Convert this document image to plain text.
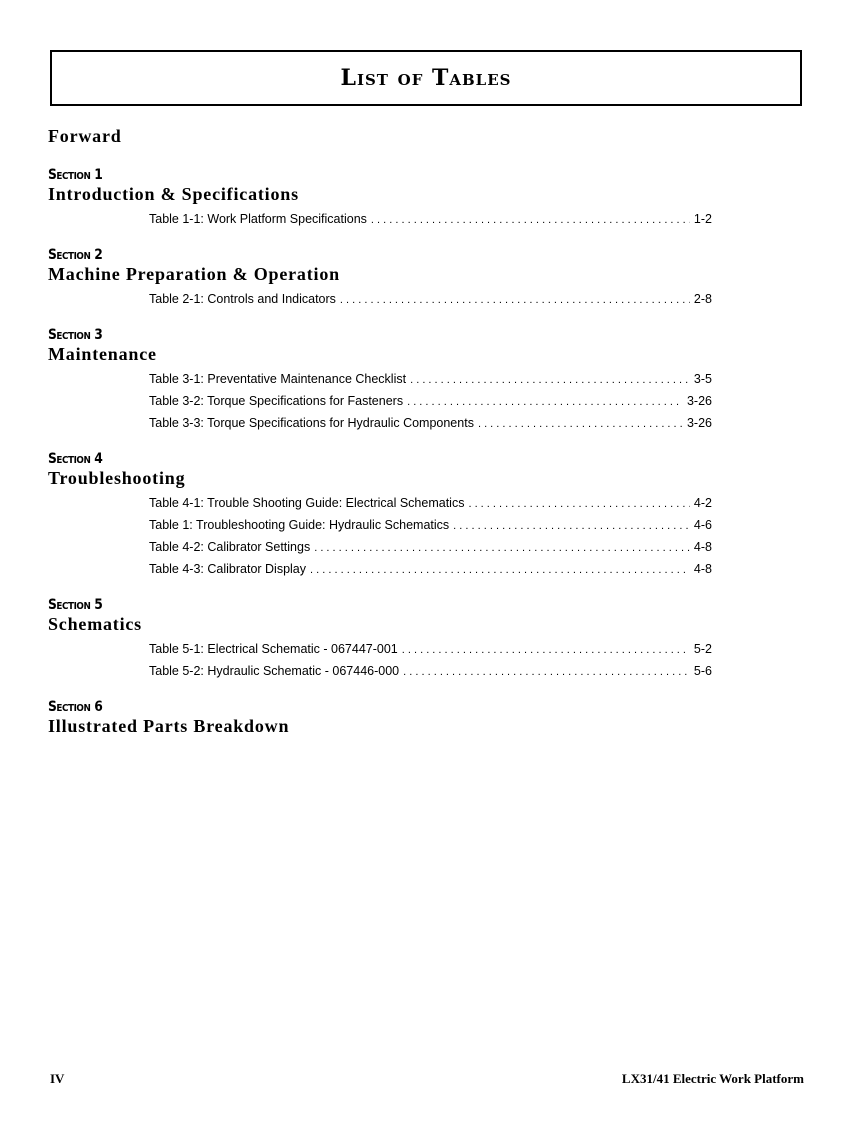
List of Tables
Forward
Section 1
Introduction & Specifications
Table 1-1: Work Platform Specifications . . .	1-2
Section 2
Machine Preparation & Operation
Table 2-1: Controls and Indicators . . .	2-8
Section 3
Maintenance
Table 3-1: Preventative Maintenance Checklist . . .	3-5
Table 3-2: Torque Specifications for Fasteners . . .	3-26
Table 3-3: Torque Specifications for Hydraulic Components . . .	3-26
Section 4
Troubleshooting
Table 4-1: Trouble Shooting Guide: Electrical Schematics . . .	4-2
Table 1: Troubleshooting Guide: Hydraulic Schematics . . .	4-6
Table 4-2: Calibrator Settings . . .	4-8
Table 4-3: Calibrator Display . . .	4-8
Section 5
Schematics
Table 5-1: Electrical Schematic - 067447-001 . . .	5-2
Table 5-2: Hydraulic Schematic - 067446-000 . . .	5-6
Section 6
Illustrated Parts Breakdown
IV	LX31/41 Electric Work Platform
